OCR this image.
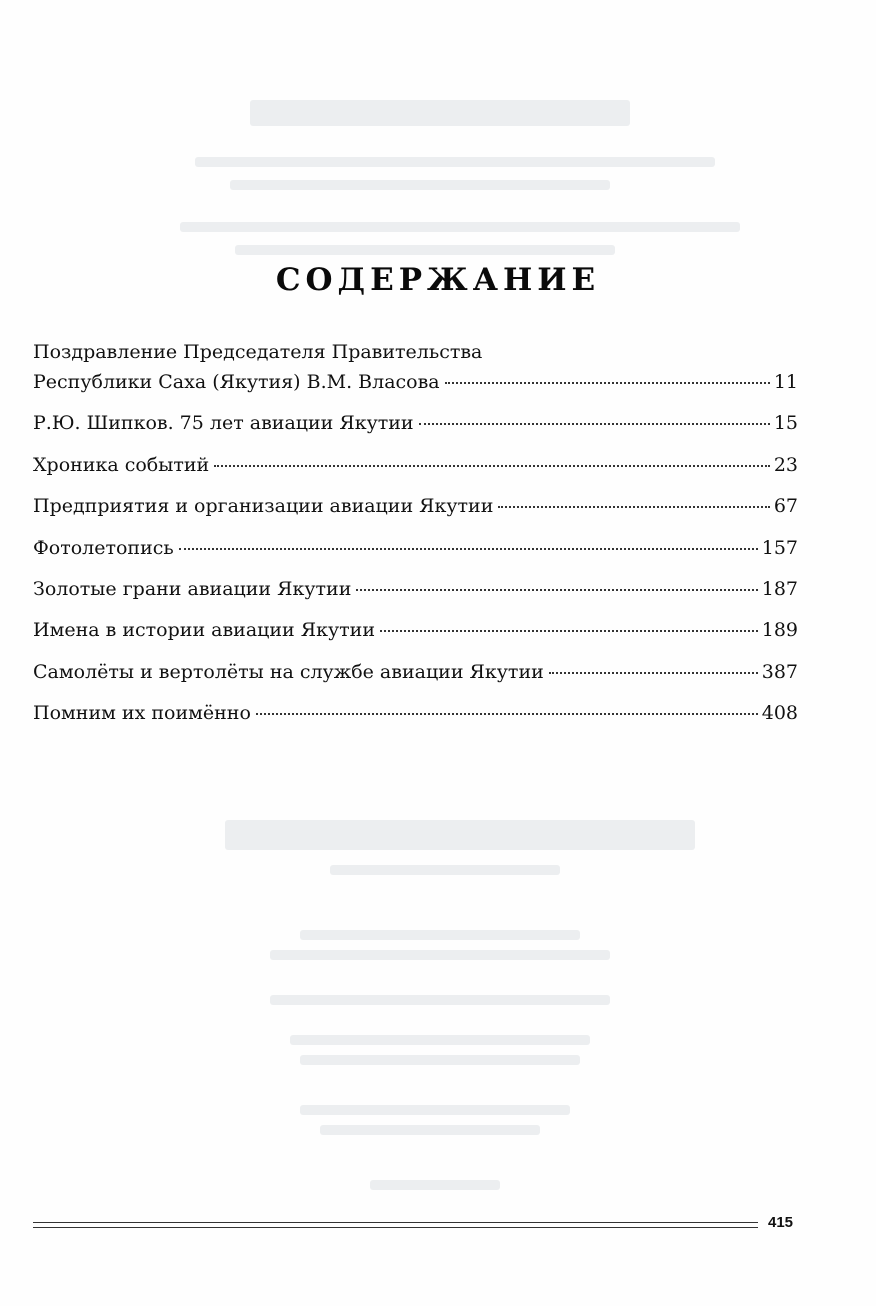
СОДЕРЖАНИЕ
Поздравление Председателя Правительства
Республики Саха (Якутия) В.М. Власова	11
Р.Ю. Шипков. 75 лет авиации Якутии	15
Хроника событий	23
Предприятия и организации авиации Якутии	67
Фотолетопись	157
Золотые грани авиации Якутии	187
Имена в истории авиации Якутии	189
Самолёты и вертолёты на службе авиации Якутии	387
Помним их поимённо	408
415
